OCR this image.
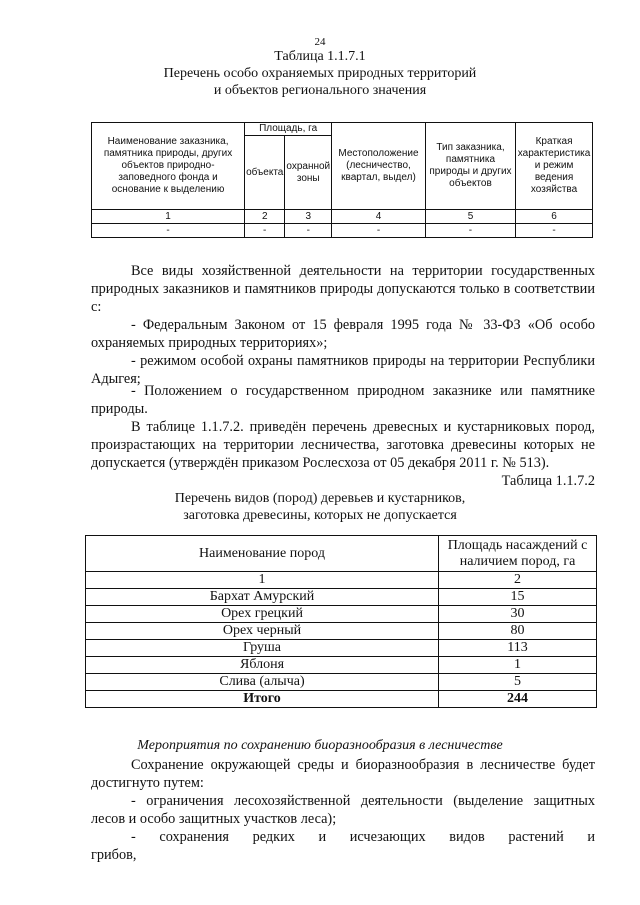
24
Таблица 1.1.7.1
Перечень особо охраняемых природных территорий
и объектов регионального значения
Наименование заказника, памятника природы, других объектов природно-заповедного фонда и основание к выделению	Площадь, га		Местоположение (лесничество, квартал, выдел)	Тип заказника, памятника природы и других объектов	Краткая характеристика и режим ведения хозяйства
	объекта	охранной зоны			
1	2	3	4	5	6
-	-	-	-	-	-
Все виды хозяйственной деятельности на территории государственных природных заказников и памятников природы допускаются только в соответствии с:
- Федеральным Законом от 15 февраля 1995 года № 33-ФЗ «Об особо охраняемых природных территориях»;
- режимом особой охраны памятников природы на территории Республики Адыгея;
- Положением о государственном природном заказнике или памятнике природы.
В таблице 1.1.7.2. приведён перечень древесных и кустарниковых пород, произрастающих на территории лесничества, заготовка древесины которых не допускается (утверждён приказом Рослесхоза от 05 декабря 2011 г. № 513).
Таблица 1.1.7.2
Перечень видов (пород) деревьев и кустарников,
заготовка древесины, которых не допускается
Наименование пород	Площадь насаждений с наличием пород, га
1	2
Бархат Амурский	15
Орех грецкий	30
Орех черный	80
Груша	113
Яблоня	1
Слива (алыча)	5
Итого	244
Мероприятия по сохранению биоразнообразия в лесничестве
Сохранение окружающей среды и биоразнообразия в лесничестве будет достигнуто путем:
- ограничения лесохозяйственной деятельности (выделение защитных лесов и особо защитных участков леса);
- сохранения редких и исчезающих видов растений и грибов,
